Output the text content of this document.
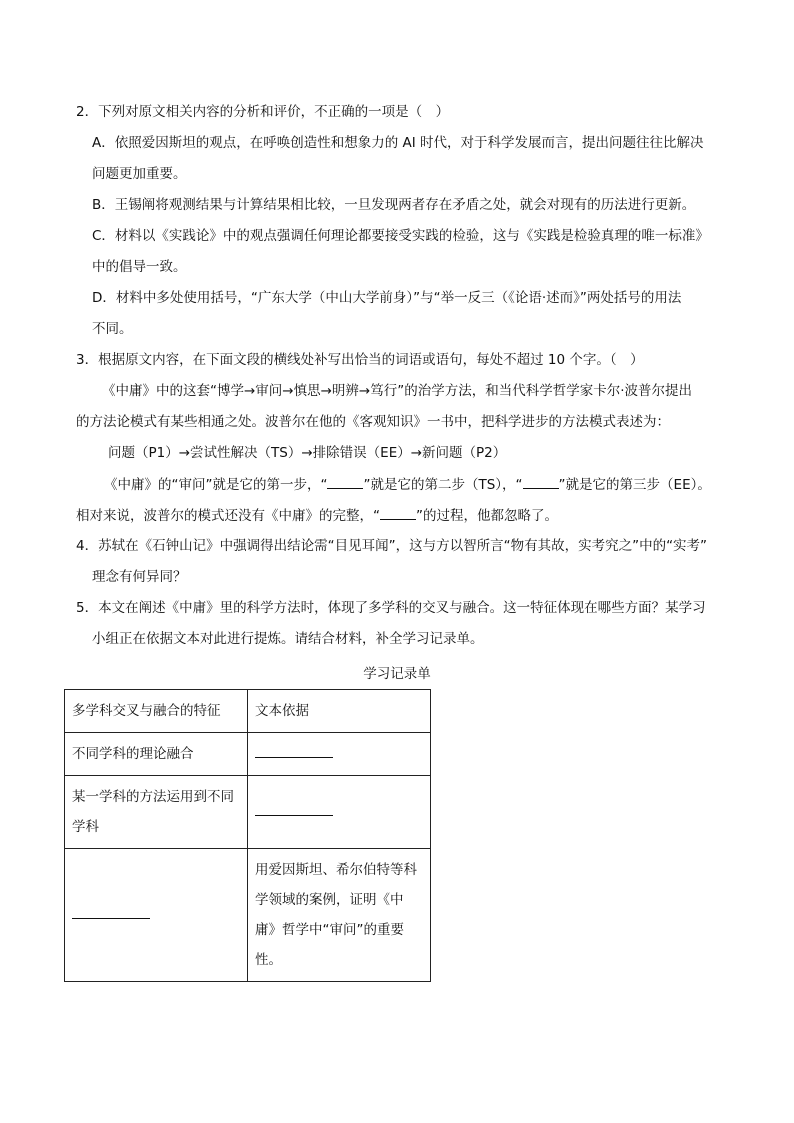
2．下列对原文相关内容的分析和评价，不正确的一项是（　）
A．依照爱因斯坦的观点，在呼唤创造性和想象力的 AI 时代，对于科学发展而言，提出问题往往比解决
问题更加重要。
B．王锡阐将观测结果与计算结果相比较，一旦发现两者存在矛盾之处，就会对现有的历法进行更新。
C．材料以《实践论》中的观点强调任何理论都要接受实践的检验，这与《实践是检验真理的唯一标准》
中的倡导一致。
D．材料中多处使用括号，“广东大学（中山大学前身）”与“举一反三（《论语·述而》”两处括号的用法
不同。
3．根据原文内容，在下面文段的横线处补写出恰当的词语或语句，每处不超过 10 个字。（　）
《中庸》中的这套“博学→审问→慎思→明辨→笃行”的治学方法，和当代科学哲学家卡尔·波普尔提出
的方法论模式有某些相通之处。波普尔在他的《客观知识》一书中，把科学进步的方法模式表述为：
问题（P1）→尝试性解决（TS）→排除错误（EE）→新问题（P2）
《中庸》的“审问”就是它的第一步，“	”就是它的第二步（TS），“	”就是它的第三步（EE）。
相对来说，波普尔的模式还没有《中庸》的完整，“	”的过程，他都忽略了。
4．苏轼在《石钟山记》中强调得出结论需“目见耳闻”，这与方以智所言“物有其故，实考究之”中的“实考”
理念有何异同？
5．本文在阐述《中庸》里的科学方法时，体现了多学科的交叉与融合。这一特征体现在哪些方面？某学习
小组正在依据文本对此进行提炼。请结合材料，补全学习记录单。
学习记录单
多学科交叉与融合的特征	文本依据
不同学科的理论融合	
某一学科的方法运用到不同学科	
	用爱因斯坦、希尔伯特等科学领域的案例，证明《中庸》哲学中“审问”的重要性。
